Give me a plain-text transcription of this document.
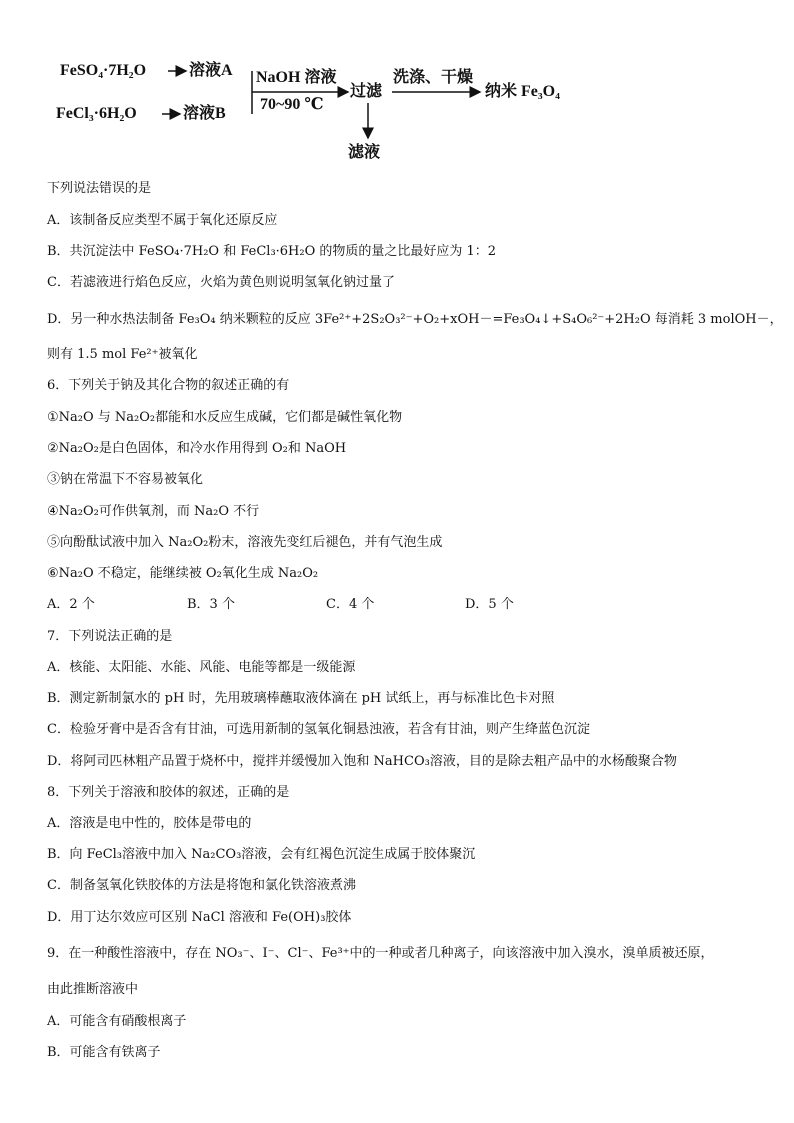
FeSO₄·7H₂O	溶液A
FeCl₃·6H₂O	溶液B
NaOH 溶液
70~90 ℃
过滤
洗涤、干燥
纳米 Fe₃O₄
滤液
下列说法错误的是
A．该制备反应类型不属于氧化还原反应
B．共沉淀法中 FeSO₄·7H₂O 和 FeCl₃·6H₂O 的物质的量之比最好应为 1：2
C．若滤液进行焰色反应，火焰为黄色则说明氢氧化钠过量了
D．另一种水热法制备 Fe₃O₄ 纳米颗粒的反应 3Fe²⁺+2S₂O₃²⁻+O₂+xOH－=Fe₃O₄↓+S₄O₆²⁻+2H₂O 每消耗 3 molOH－，
则有 1.5 mol Fe²⁺被氧化
6．下列关于钠及其化合物的叙述正确的有
①Na₂O 与 Na₂O₂都能和水反应生成碱，它们都是碱性氧化物
②Na₂O₂是白色固体，和冷水作用得到 O₂和 NaOH
③钠在常温下不容易被氧化
④Na₂O₂可作供氧剂，而 Na₂O 不行
⑤向酚酞试液中加入 Na₂O₂粉末，溶液先变红后褪色，并有气泡生成
⑥Na₂O 不稳定，能继续被 O₂氧化生成 Na₂O₂
A．2 个	B．3 个	C．4 个	D．5 个
7．下列说法正确的是
A．核能、太阳能、水能、风能、电能等都是一级能源
B．测定新制氯水的 pH 时，先用玻璃棒蘸取液体滴在 pH 试纸上，再与标准比色卡对照
C．检验牙膏中是否含有甘油，可选用新制的氢氧化铜悬浊液，若含有甘油，则产生绛蓝色沉淀
D．将阿司匹林粗产品置于烧杯中，搅拌并缓慢加入饱和 NaHCO₃溶液，目的是除去粗产品中的水杨酸聚合物
8．下列关于溶液和胶体的叙述，正确的是
A．溶液是电中性的，胶体是带电的
B．向 FeCl₃溶液中加入 Na₂CO₃溶液，会有红褐色沉淀生成属于胶体聚沉
C．制备氢氧化铁胶体的方法是将饱和氯化铁溶液煮沸
D．用丁达尔效应可区别 NaCl 溶液和 Fe(OH)₃胶体
9．在一种酸性溶液中，存在 NO₃⁻、I⁻、Cl⁻、Fe³⁺中的一种或者几种离子，向该溶液中加入溴水，溴单质被还原，
由此推断溶液中
A．可能含有硝酸根离子
B．可能含有铁离子
